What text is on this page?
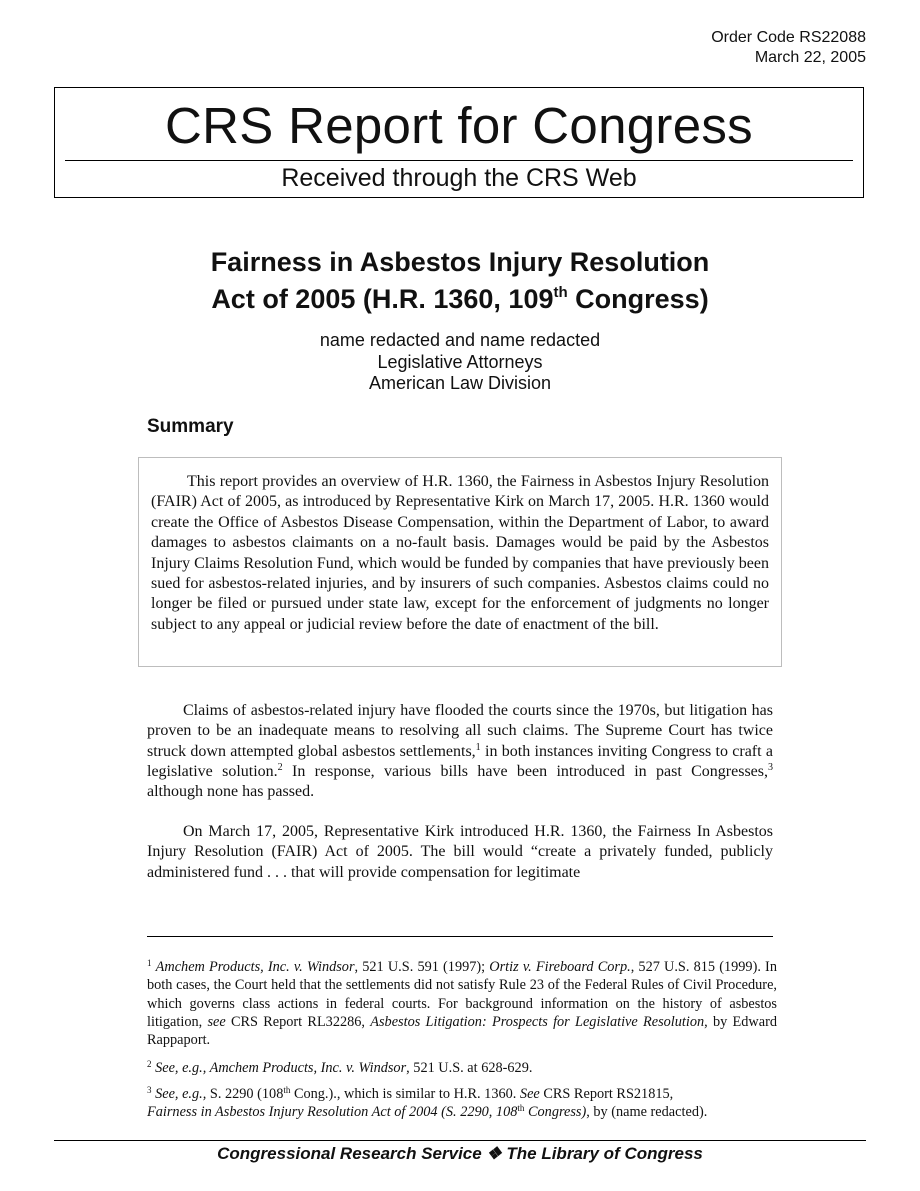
Order Code RS22088
March 22, 2005
CRS Report for Congress
Received through the CRS Web
Fairness in Asbestos Injury Resolution
Act of 2005 (H.R. 1360, 109th Congress)
name redacted and name redacted
Legislative Attorneys
American Law Division
Summary

This report provides an overview of H.R. 1360, the Fairness in Asbestos Injury Resolution (FAIR) Act of 2005, as introduced by Representative Kirk on March 17, 2005. H.R. 1360 would create the Office of Asbestos Disease Compensation, within the Department of Labor, to award damages to asbestos claimants on a no-fault basis. Damages would be paid by the Asbestos Injury Claims Resolution Fund, which would be funded by companies that have previously been sued for asbestos-related injuries, and by insurers of such companies. Asbestos claims could no longer be filed or pursued under state law, except for the enforcement of judgments no longer subject to any appeal or judicial review before the date of enactment of the bill.

Claims of asbestos-related injury have flooded the courts since the 1970s, but litigation has proven to be an inadequate means to resolving all such claims. The Supreme Court has twice struck down attempted global asbestos settlements,$^1$ in both instances inviting Congress to craft a legislative solution.$^2$ In response, various bills have been introduced in past Congresses,$^3$ although none has passed.

On March 17, 2005, Representative Kirk introduced H.R. 1360, the Fairness In Asbestos Injury Resolution (FAIR) Act of 2005. The bill would “create a privately funded, publicly administered fund . . . that will provide compensation for legitimate

$^1$ Amchem Products, Inc. v. Windsor, 521 U.S. 591 (1997); Ortiz v. Fireboard Corp., 527 U.S. 815 (1999). In both cases, the Court held that the settlements did not satisfy Rule 23 of the Federal Rules of Civil Procedure, which governs class actions in federal courts. For background information on the history of asbestos litigation, see CRS Report RL32286, Asbestos Litigation: Prospects for Legislative Resolution, by Edward Rappaport.

$^2$ See, e.g., Amchem Products, Inc. v. Windsor, 521 U.S. at 628-629.

$^3$ See, e.g., S. 2290 (108th Cong.)., which is similar to H.R. 1360. See CRS Report RS21815,
Fairness in Asbestos Injury Resolution Act of 2004 (S. 2290, 108th Congress), by (name redacted).

Congressional Research Service ❖ The Library of Congress
